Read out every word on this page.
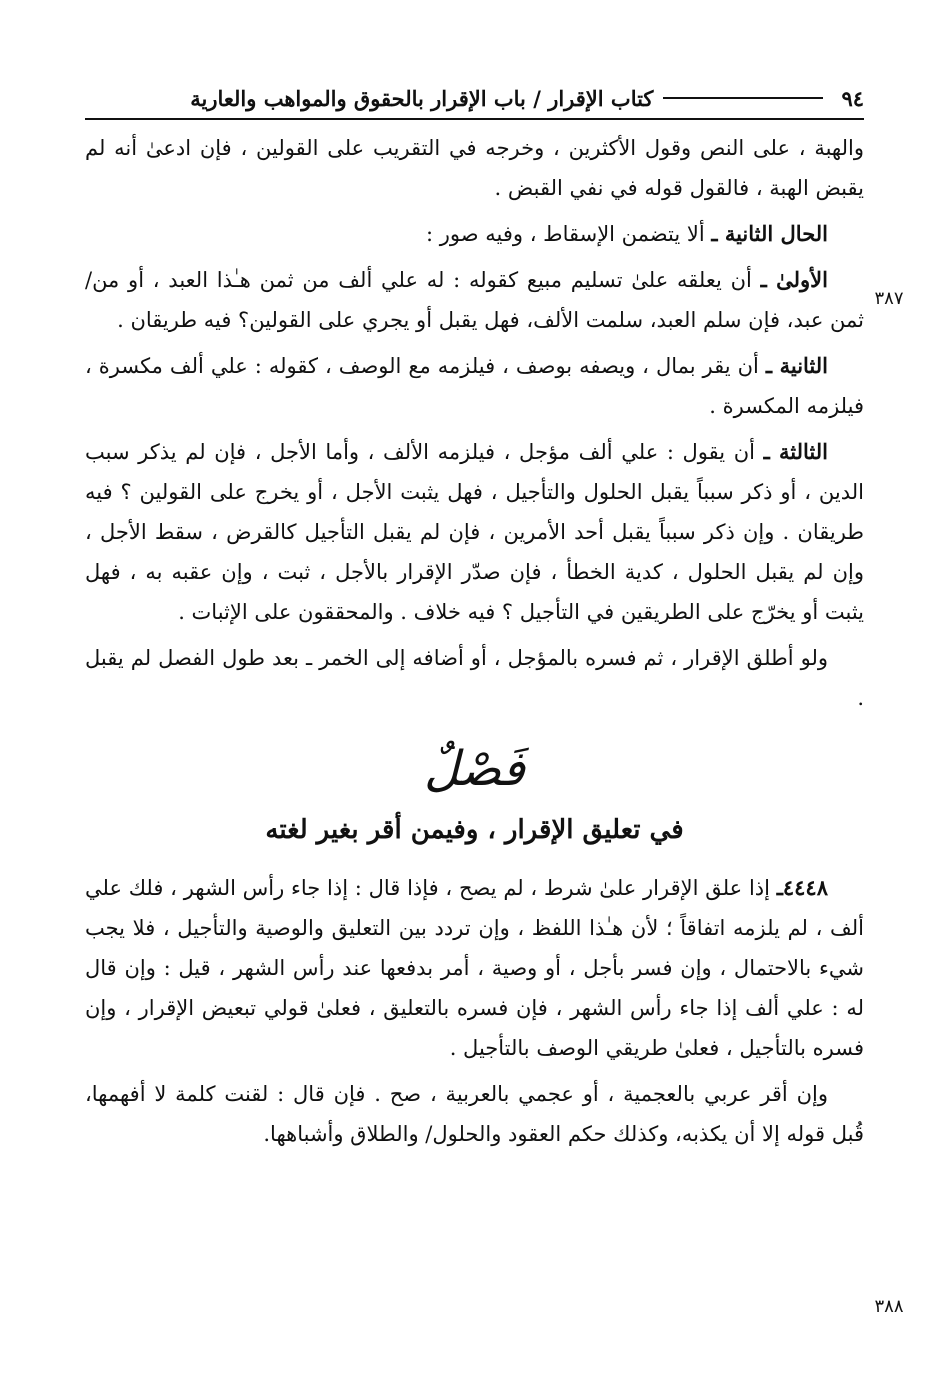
٩٤
كتاب الإقرار / باب الإقرار بالحقوق والمواهب والعارية
٣٨٧
٣٨٨

والهبة ، على النص وقول الأكثرين ، وخرجه في التقريب على القولين ، فإن ادعىٰ أنه لم يقبض الهبة ، فالقول قوله في نفي القبض .

الحال الثانية ـ ألا يتضمن الإسقاط ، وفيه صور :

الأولىٰ ـ أن يعلقه علىٰ تسليم مبيع كقوله : له علي ألف من ثمن هـٰذا العبد ، أو من/ ثمن عبد، فإن سلم العبد، سلمت الألف، فهل يقبل أو يجري على القولين؟ فيه طريقان .

الثانية ـ أن يقر بمال ، ويصفه بوصف ، فيلزمه مع الوصف ، كقوله : علي ألف مكسرة ، فيلزمه المكسرة .

الثالثة ـ أن يقول : علي ألف مؤجل ، فيلزمه الألف ، وأما الأجل ، فإن لم يذكر سبب الدين ، أو ذكر سبباً يقبل الحلول والتأجيل ، فهل يثبت الأجل ، أو يخرج على القولين ؟ فيه طريقان . وإن ذكر سبباً يقبل أحد الأمرين ، فإن لم يقبل التأجيل كالقرض ، سقط الأجل ، وإن لم يقبل الحلول ، كدية الخطأ ، فإن صدّر الإقرار بالأجل ، ثبت ، وإن عقبه به ، فهل يثبت أو يخرّج على الطريقين في التأجيل ؟ فيه خلاف . والمحققون على الإثبات .

ولو أطلق الإقرار ، ثم فسره بالمؤجل ، أو أضافه إلى الخمر ـ بعد طول الفصل لم يقبل .

فَصْلٌ
في تعليق الإقرار ، وفيمن أقر بغير لغته

٤٤٤٨ـ إذا علق الإقرار علىٰ شرط ، لم يصح ، فإذا قال : إذا جاء رأس الشهر ، فلك علي ألف ، لم يلزمه اتفاقاً ؛ لأن هـٰذا اللفظ ، وإن تردد بين التعليق والوصية والتأجيل ، فلا يجب شيء بالاحتمال ، وإن فسر بأجل ، أو وصية ، أمر بدفعها عند رأس الشهر ، قيل : وإن قال له : علي ألف إذا جاء رأس الشهر ، فإن فسره بالتعليق ، فعلىٰ قولي تبعيض الإقرار ، وإن فسره بالتأجيل ، فعلىٰ طريقي الوصف بالتأجيل .

وإن أقر عربي بالعجمية ، أو عجمي بالعربية ، صح . فإن قال : لقنت كلمة لا أفهمها، قُبل قوله إلا أن يكذبه، وكذلك حكم العقود والحلول/ والطلاق وأشباهها.
